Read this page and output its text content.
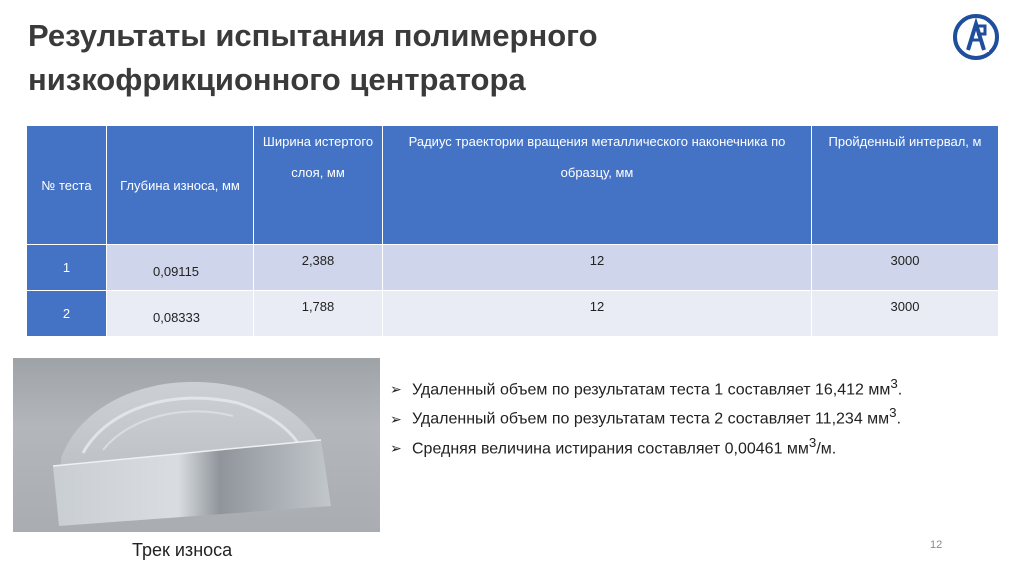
Результаты испытания полимерного низкофрикционного центратора
№ теста	Глубина износа, мм	Ширина истертого слоя, мм	Радиус траектории вращения металлического наконечника по образцу, мм	Пройденный интервал, м
1	0,09115	2,388	12	3000
2	0,08333	1,788	12	3000
Трек износа
➢ Удаленный объем по результатам теста 1 составляет 16,412 $мм^3$.
➢ Удаленный объем по результатам теста 2 составляет 11,234 $мм^3$.
➢ Средняя величина истирания составляет 0,00461 $мм^3/м$.
12
